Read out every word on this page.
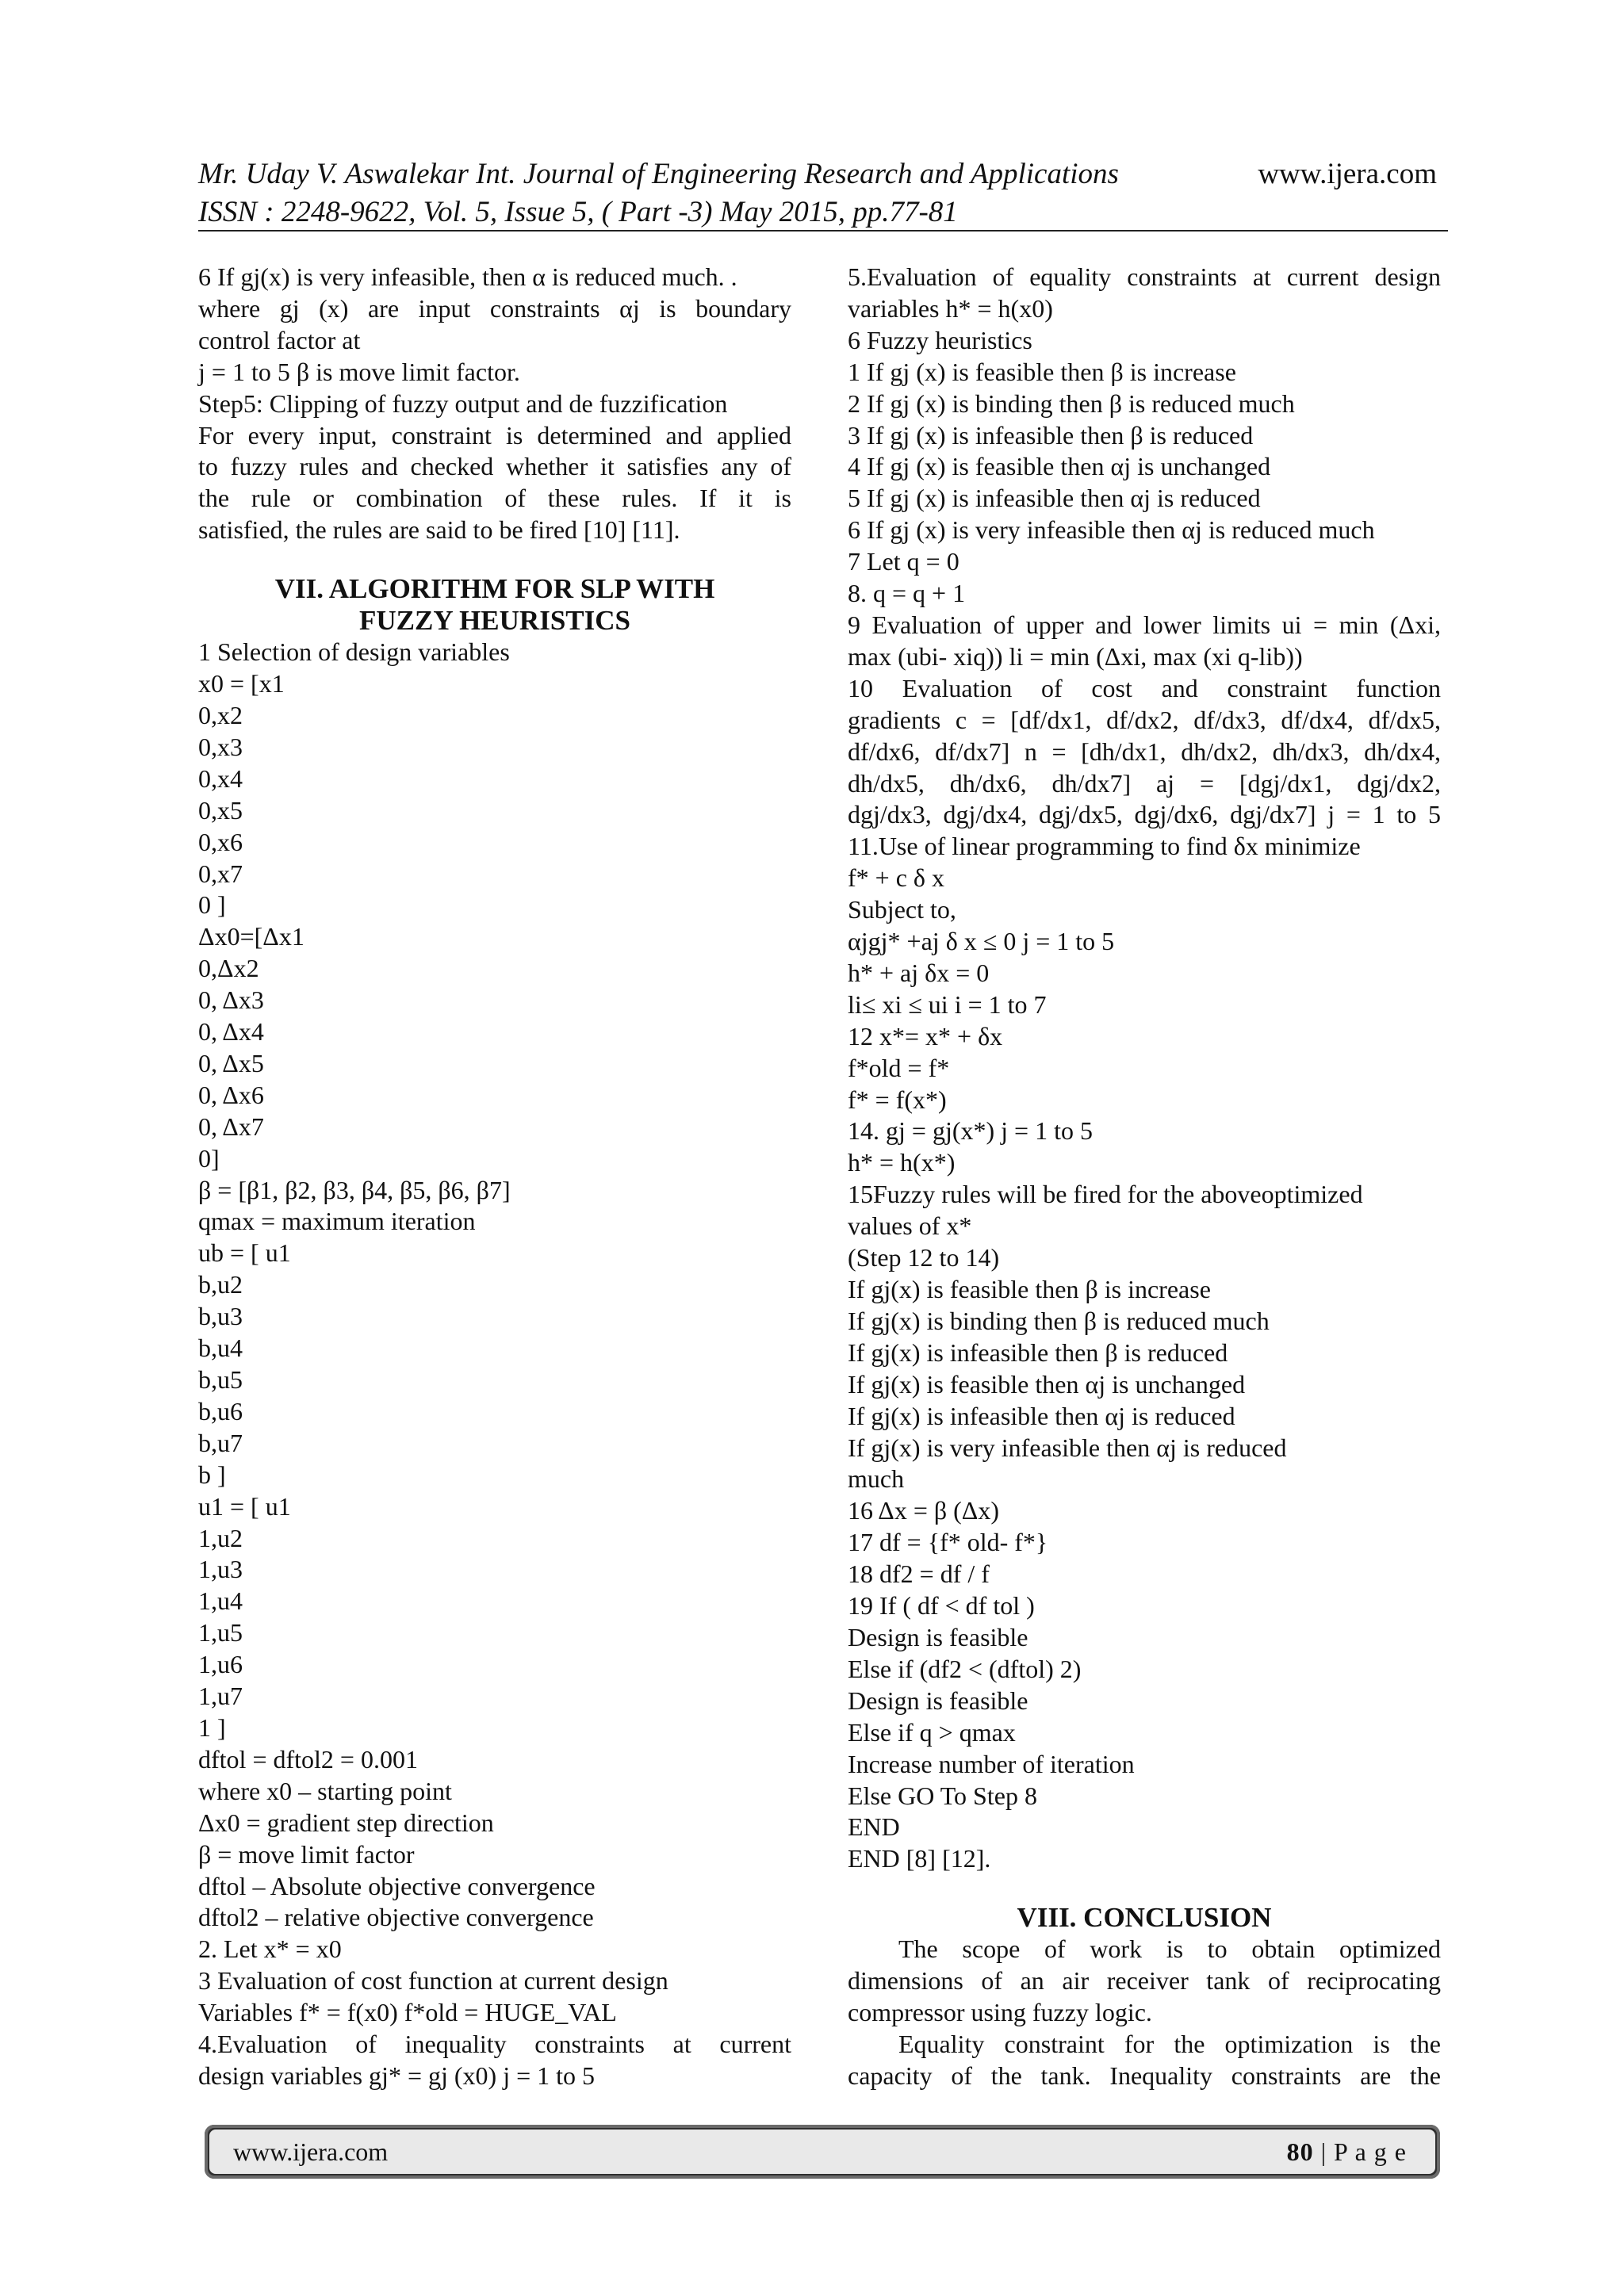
Mr. Uday V. Aswalekar Int. Journal of Engineering Research and Applications	www.ijera.com
ISSN : 2248-9622, Vol. 5, Issue 5, ( Part -3) May 2015, pp.77-81
6 If gj(x) is very infeasible, then α is reduced much. .
where gj (x) are input constraints αj is boundary
control factor at
j = 1 to 5 β is move limit factor.
Step5: Clipping of fuzzy output and de fuzzification
For every input, constraint is determined and applied
to fuzzy rules and checked whether it satisfies any of
the rule or combination of these rules. If it is
satisfied, the rules are said to be fired [10] [11].
VII. ALGORITHM FOR SLP WITH
FUZZY HEURISTICS
1 Selection of design variables
x0 = [x1
0,x2
0,x3
0,x4
0,x5
0,x6
0,x7
0 ]
Δx0=[Δx1
0,Δx2
0, Δx3
0, Δx4
0, Δx5
0, Δx6
0, Δx7
0]
β = [β1, β2, β3, β4, β5, β6, β7]
qmax = maximum iteration
ub = [ u1
b,u2
b,u3
b,u4
b,u5
b,u6
b,u7
b ]
u1 = [ u1
1,u2
1,u3
1,u4
1,u5
1,u6
1,u7
1 ]
dftol = dftol2 = 0.001
where x0 – starting point
Δx0 = gradient step direction
β = move limit factor
dftol – Absolute objective convergence
dftol2 – relative objective convergence
2. Let x* = x0
3 Evaluation of cost function at current design
Variables f* = f(x0) f*old = HUGE_VAL
4.Evaluation of inequality constraints at current
design variables gj* = gj (x0) j = 1 to 5
5.Evaluation of equality constraints at current design
variables h* = h(x0)
6 Fuzzy heuristics
1 If gj (x) is feasible then β is increase
2 If gj (x) is binding then β is reduced much
3 If gj (x) is infeasible then β is reduced
4 If gj (x) is feasible then αj is unchanged
5 If gj (x) is infeasible then αj is reduced
6 If gj (x) is very infeasible then αj is reduced much
7 Let q = 0
8. q = q + 1
9 Evaluation of upper and lower limits ui = min (Δxi,
max (ubi- xiq)) li = min (Δxi, max (xi q-lib))
10 Evaluation of cost and constraint function
gradients c = [df/dx1, df/dx2, df/dx3, df/dx4, df/dx5,
df/dx6, df/dx7] n = [dh/dx1, dh/dx2, dh/dx3, dh/dx4,
dh/dx5, dh/dx6, dh/dx7] aj = [dgj/dx1, dgj/dx2,
dgj/dx3, dgj/dx4, dgj/dx5, dgj/dx6, dgj/dx7] j = 1 to 5
11.Use of linear programming to find δx minimize
f* + c δ x
Subject to,
αjgj* +aj δ x ≤ 0 j = 1 to 5
h* + aj δx = 0
li≤ xi ≤ ui i = 1 to 7
12 x*= x* + δx
f*old = f*
f* = f(x*)
14. gj = gj(x*) j = 1 to 5
h* = h(x*)
15Fuzzy rules will be fired for the aboveoptimized
values of x*
(Step 12 to 14)
If gj(x) is feasible then β is increase
If gj(x) is binding then β is reduced much
If gj(x) is infeasible then β is reduced
If gj(x) is feasible then αj is unchanged
If gj(x) is infeasible then αj is reduced
If gj(x) is very infeasible then αj is reduced
much
16 Δx = β (Δx)
17 df = {f* old- f*}
18 df2 = df / f
19 If ( df < df tol )
Design is feasible
Else if (df2 < (dftol) 2)
Design is feasible
Else if q > qmax
Increase number of iteration
Else GO To Step 8
END
END [8] [12].
VIII. CONCLUSION
The scope of work is to obtain optimized
dimensions of an air receiver tank of reciprocating
compressor using fuzzy logic.
Equality constraint for the optimization is the
capacity of the tank. Inequality constraints are the
www.ijera.com	80 | P a g e
